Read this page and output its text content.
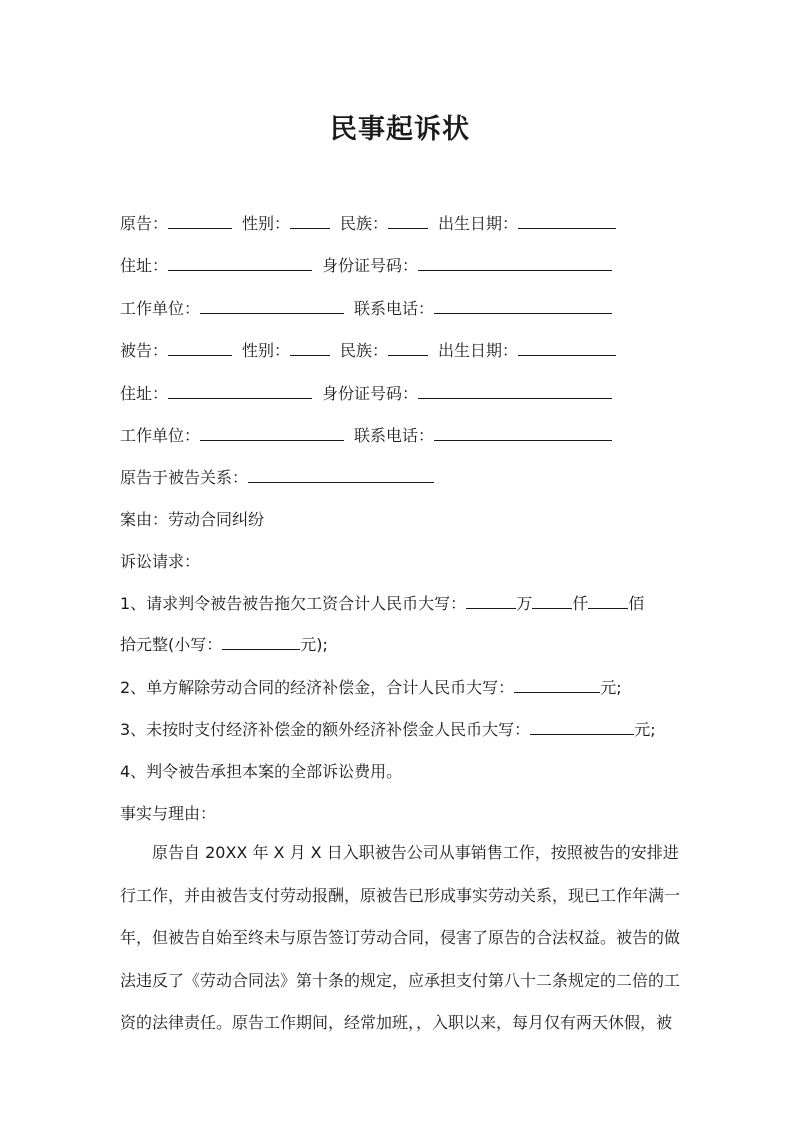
民事起诉状
原告：	性别：	民族：	出生日期：
住址：	身份证号码：
工作单位：	联系电话：
被告：	性别：	民族：	出生日期：
住址：	身份证号码：
工作单位：	联系电话：
原告于被告关系：
案由：劳动合同纠纷
诉讼请求：
1、请求判令被告被告拖欠工资合计人民币大写：	万	仟	佰
拾元整(小写：	元);
2、单方解除劳动合同的经济补偿金，合计人民币大写：	元;
3、未按时支付经济补偿金的额外经济补偿金人民币大写：	元;
4、判令被告承担本案的全部诉讼费用。
事实与理由：
原告自 20XX 年 X 月 X 日入职被告公司从事销售工作，按照被告的安排进
行工作，并由被告支付劳动报酬，原被告已形成事实劳动关系，现已工作年满一
年，但被告自始至终未与原告签订劳动合同，侵害了原告的合法权益。被告的做
法违反了《劳动合同法》第十条的规定，应承担支付第八十二条规定的二倍的工
资的法律责任。原告工作期间，经常加班，，入职以来，每月仅有两天休假，被
